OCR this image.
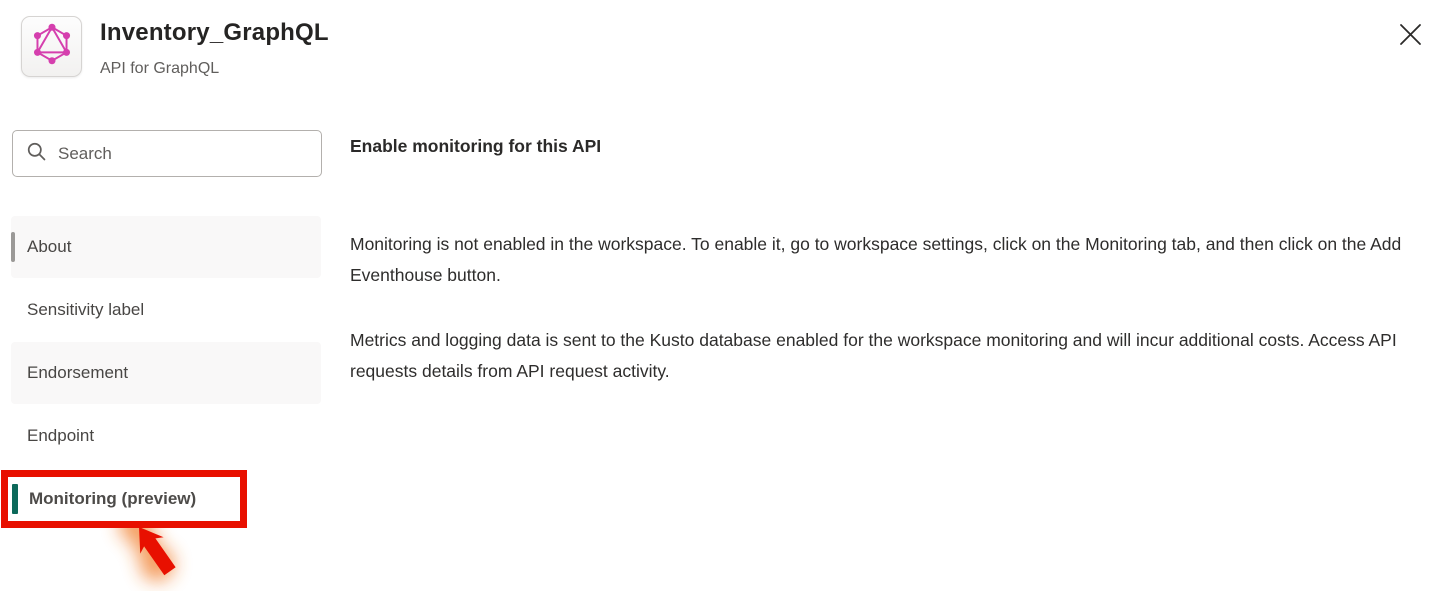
Inventory_GraphQL
API for GraphQL
Search
About
Sensitivity label
Endorsement
Endpoint
Monitoring (preview)
Enable monitoring for this API
Monitoring is not enabled in the workspace. To enable it, go to workspace settings, click on the Monitoring tab, and then click on the Add Eventhouse button.
Metrics and logging data is sent to the Kusto database enabled for the workspace monitoring and will incur additional costs. Access API requests details from API request activity.
